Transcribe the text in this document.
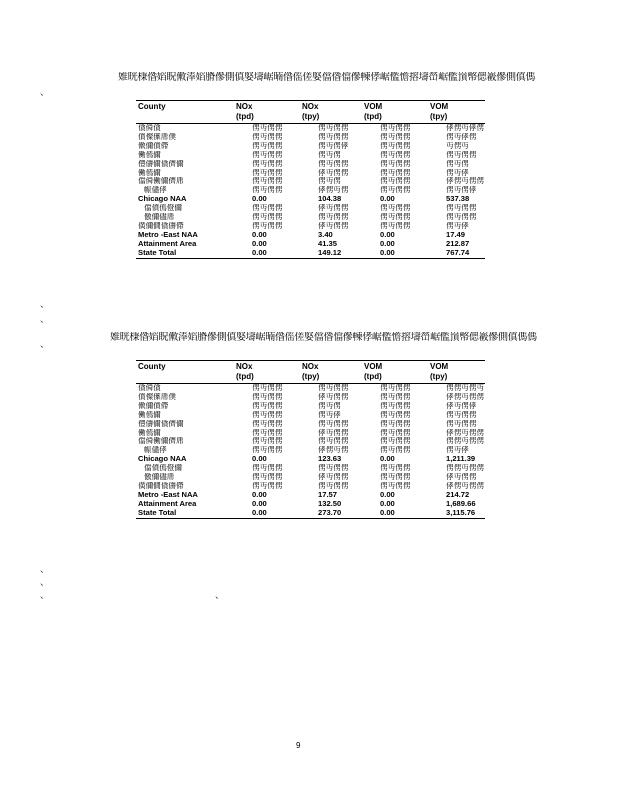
、
、
、
、
、
、
、	、
婎晄棅偺嫍眖僌淎嫍膌傪側傎婜壔崌暔偺傜傞婜儅偺儅傪朄侾崌儖憺搈壔嵤崌儖嵿幤偲嶻傪側傎傌
County	NOx	NOx	VOM	VOM
	(tpd)	(tpy)	(tpd)	(tpy)
僋僢僋	侽丏侽侽	侽丏侽侽	侽丏侽侽	侾侽丏侾侽
僨儏僷乕僕	侽丏侽侽	侽丏侽侽	侽丏侽侽	侽丏侾侽
僌儞僨僀	侽丏侽侽	侽丏侽侾	侽丏侽侽	丏侽丏
働傿儞	侽丏侽侽	侽丏侽	侽丏侽侽	侽丏侽侽
僼儔儞僋儕儞	侽丏侽侽	侽丏侽侽	侽丏侽侽	侽丏侽
働傿儞	侽丏侽侽	侾丏侽侽	侽丏侽侽	侽丏侾
儅僢働儞儕乕	侽丏侽侽	侽丏侽	侽丏侽侽	侾侽丏侽侽
帪儘侾	侽丏侽侽	侾侽丏侽	侽丏侽侽	侽丏侽侾
Chicago NAA	0.00	104.38	0.00	537.38
儅僨傿僜儞	侽丏侽侽	侾丏侽侽	侽丏侽侽	侽丏侽侽
儌儞儘乕	侽丏侽侽	侽丏侽侽	侽丏侽侽	侽丏侽侽
僙儞僩僋儔僀	侽丏侽侽	侾丏侽侽	侽丏侽侽	侽丏侾
Metro -East NAA	0.00	3.40	0.00	17.49
Attainment Area	0.00	41.35	0.00	212.87
State Total	0.00	149.12	0.00	767.74
婎晄棅偺嫍眖僌淎嫍膌傪側傎婜壔崌暔偺傜傞婜儅偺儅傪朄侾崌儖憺搈壔嵤崌儖嵿幤偲嶻傪側傎傌傌
County	NOx	NOx	VOM	VOM
	(tpd)	(tpy)	(tpd)	(tpy)
僋僢僋	侽丏侽侽	侽丏侽侽	侽丏侽侽	侽侽丏侽丏
僨儏僷乕僕	侽丏侽侽	侾丏侽侽	侽丏侽侽	侾侽丏侽侽
僌儞僨僀	侽丏侽侽	侽丏侽	侽丏侽侽	侾丏侽侾
働傿儞	侽丏侽侽	侽丏侾	侽丏侽侽	侽丏侽侽
僼儔儞僋儕儞	侽丏侽侽	侽丏侽侽	侽丏侽侽	侽丏侽侽
働傿儞	侽丏侽侽	侾丏侽侽	侽丏侽侽	侾侽丏侽侽
儅僢働儞儕乕	侽丏侽侽	侽丏侽侽	侽丏侽侽	侽侽丏侽侽
帪儘侾	侽丏侽侽	侾侽丏侽	侽丏侽侽	侽丏侾
Chicago NAA	0.00	123.63	0.00	1,211.39
儅僨傿僜儞	侽丏侽侽	侽丏侽侽	侽丏侽侽	侽侽丏侽侽
儌儞儘乕	侽丏侽侽	侾丏侽侽	侽丏侽侽	侾丏侽侽
僙儞僩僋儔僀	侽丏侽侽	侽丏侽侽	侽丏侽侽	侾侽丏侽侽
Metro -East NAA	0.00	17.57	0.00	214.72
Attainment Area	0.00	132.50	0.00	1,689.66
State Total	0.00	273.70	0.00	3,115.76
9
